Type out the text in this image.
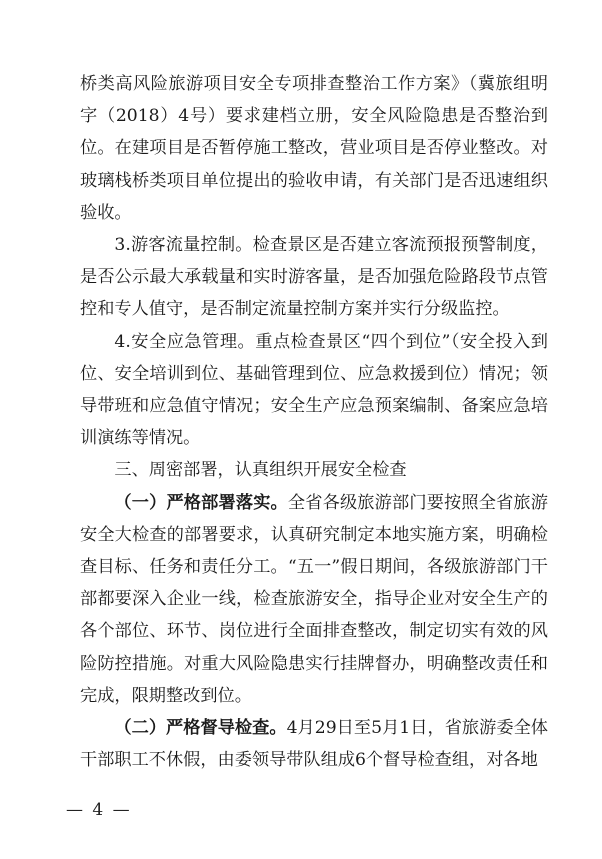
桥类高风险旅游项目安全专项排查整治工作方案》（冀旅组明字（2018）4号）要求建档立册，安全风险隐患是否整治到位。在建项目是否暂停施工整改，营业项目是否停业整改。对玻璃栈桥类项目单位提出的验收申请，有关部门是否迅速组织验收。

3.游客流量控制。检查景区是否建立客流预报预警制度，是否公示最大承载量和实时游客量，是否加强危险路段节点管控和专人值守，是否制定流量控制方案并实行分级监控。

4.安全应急管理。重点检查景区“四个到位”（安全投入到位、安全培训到位、基础管理到位、应急救援到位）情况；领导带班和应急值守情况；安全生产应急预案编制、备案应急培训演练等情况。

三、周密部署，认真组织开展安全检查

（一）严格部署落实。全省各级旅游部门要按照全省旅游安全大检查的部署要求，认真研究制定本地实施方案，明确检查目标、任务和责任分工。“五一”假日期间，各级旅游部门干部都要深入企业一线，检查旅游安全，指导企业对安全生产的各个部位、环节、岗位进行全面排查整改，制定切实有效的风险防控措施。对重大风险隐患实行挂牌督办，明确整改责任和完成，限期整改到位。

（二）严格督导检查。4月29日至5月1日，省旅游委全体干部职工不休假，由委领导带队组成6个督导检查组，对各地

— 4 —
